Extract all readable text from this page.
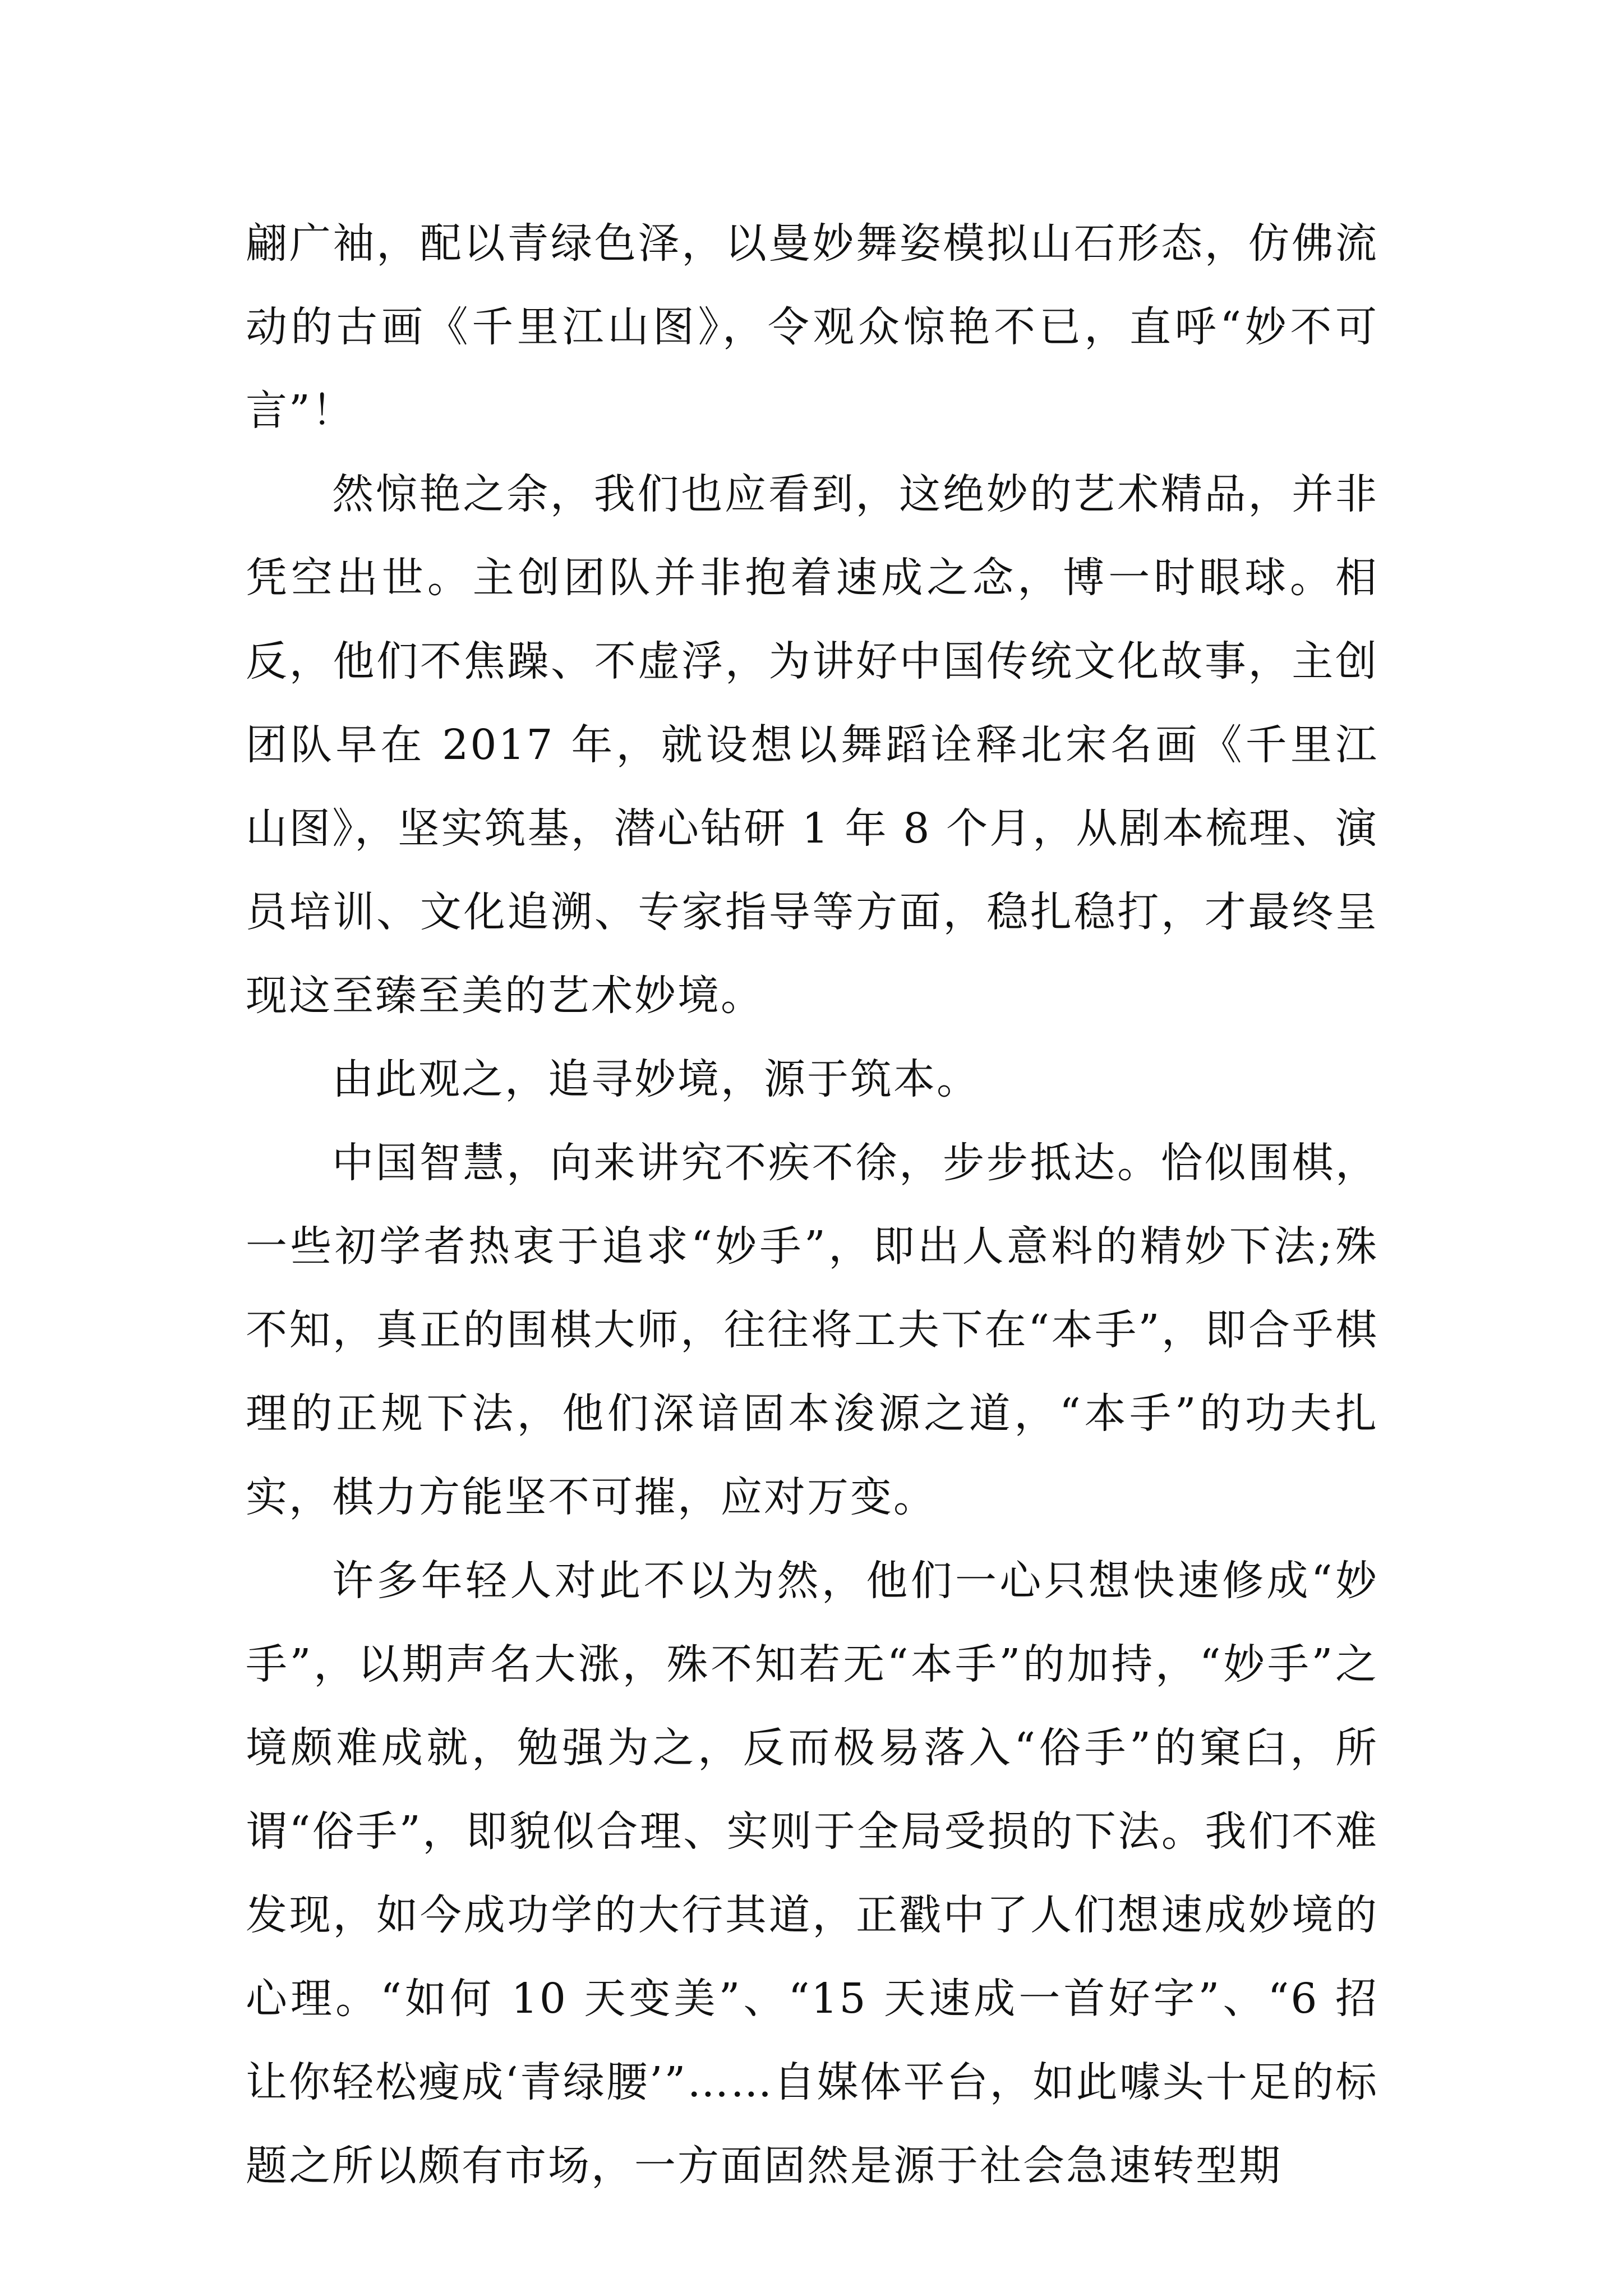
翩广袖，配以青绿色泽，以曼妙舞姿模拟山石形态，仿佛流动的古画《千里江山图》，令观众惊艳不已，直呼“妙不可言”！

然惊艳之余，我们也应看到，这绝妙的艺术精品，并非凭空出世。主创团队并非抱着速成之念，博一时眼球。相反，他们不焦躁、不虚浮，为讲好中国传统文化故事，主创团队早在 2017 年，就设想以舞蹈诠释北宋名画《千里江山图》，坚实筑基，潜心钻研 1 年 8 个月，从剧本梳理、演员培训、文化追溯、专家指导等方面，稳扎稳打，才最终呈现这至臻至美的艺术妙境。

由此观之，追寻妙境，源于筑本。

中国智慧，向来讲究不疾不徐，步步抵达。恰似围棋，一些初学者热衷于追求“妙手”，即出人意料的精妙下法;殊不知，真正的围棋大师，往往将工夫下在“本手”，即合乎棋理的正规下法，他们深谙固本浚源之道，“本手”的功夫扎实，棋力方能坚不可摧，应对万变。

许多年轻人对此不以为然，他们一心只想快速修成“妙手”，以期声名大涨，殊不知若无“本手”的加持，“妙手”之境颇难成就，勉强为之，反而极易落入“俗手”的窠臼，所谓“俗手”，即貌似合理、实则于全局受损的下法。我们不难发现，如今成功学的大行其道，正戳中了人们想速成妙境的心理。“如何 10 天变美”、“15 天速成一首好字”、“6 招让你轻松瘦成‘青绿腰’”……自媒体平台，如此噱头十足的标题之所以颇有市场，一方面固然是源于社会急速转型期
